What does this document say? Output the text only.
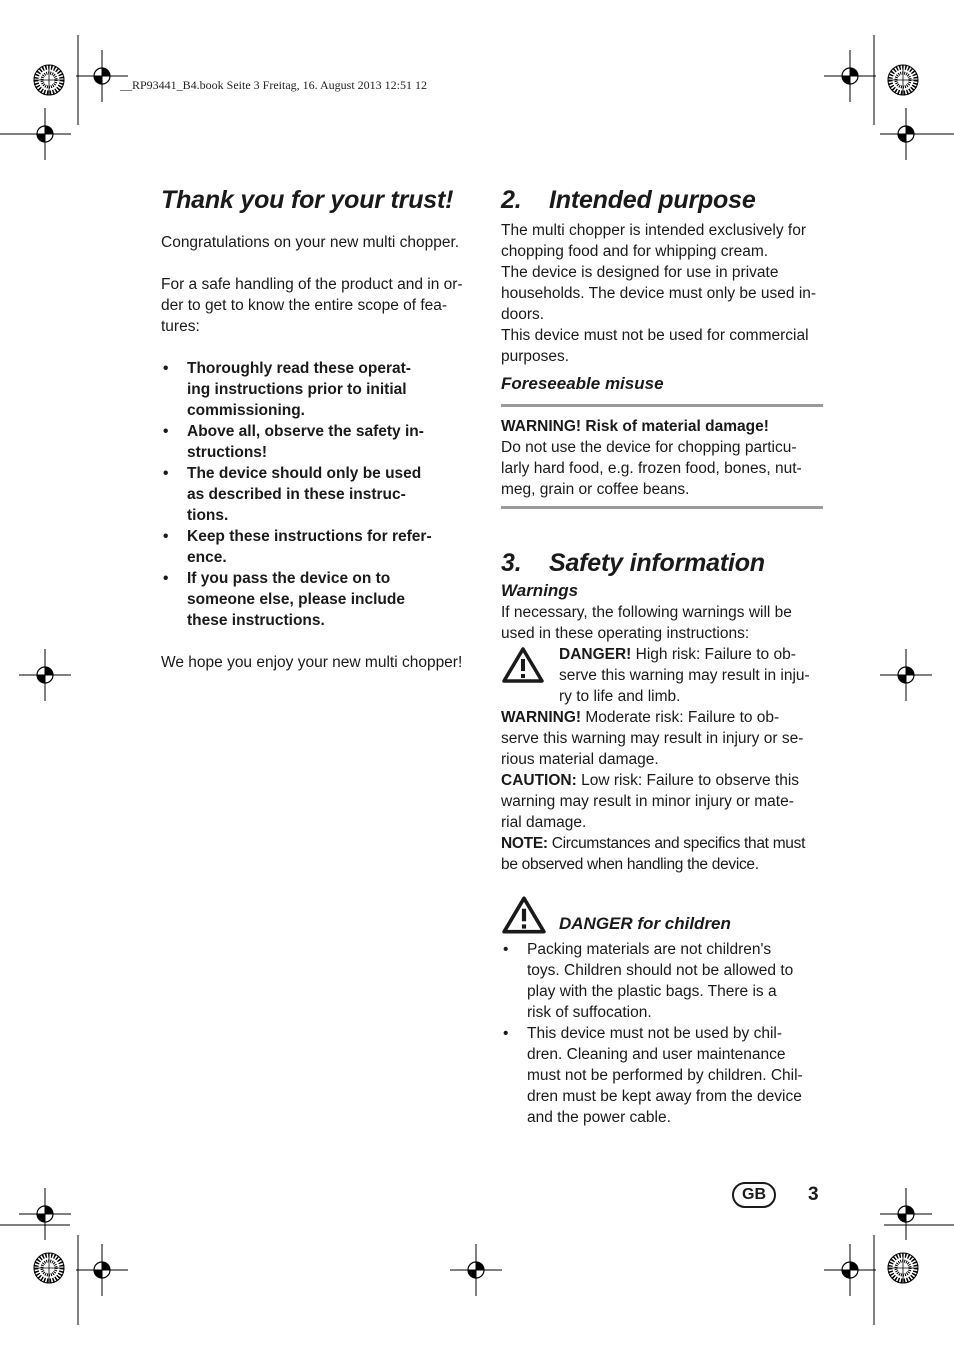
__RP93441_B4.book Seite 3 Freitag, 16. August 2013 12:51 12
Thank you for your trust!

Congratulations on your new multi chopper.

For a safe handling of the product and in or-
der to get to know the entire scope of fea-
tures:

• Thoroughly read these operat-
ing instructions prior to initial
commissioning.
• Above all, observe the safety in-
structions!
• The device should only be used
as described in these instruc-
tions.
• Keep these instructions for refer-
ence.
• If you pass the device on to
someone else, please include
these instructions.

We hope you enjoy your new multi chopper!

2. Intended purpose

The multi chopper is intended exclusively for
chopping food and for whipping cream.
The device is designed for use in private
households. The device must only be used in-
doors.
This device must not be used for commercial
purposes.

Foreseeable misuse

WARNING! Risk of material damage!
Do not use the device for chopping particu-
larly hard food, e.g. frozen food, bones, nut-
meg, grain or coffee beans.

3. Safety information
Warnings

If necessary, the following warnings will be
used in these operating instructions:

DANGER! High risk: Failure to ob-
serve this warning may result in inju-
ry to life and limb.

WARNING! Moderate risk: Failure to ob-
serve this warning may result in injury or se-
rious material damage.

CAUTION: Low risk: Failure to observe this
warning may result in minor injury or mate-
rial damage.

NOTE: Circumstances and specifics that must
be observed when handling the device.

DANGER for children
• Packing materials are not children's
toys. Children should not be allowed to
play with the plastic bags. There is a
risk of suffocation.
• This device must not be used by chil-
dren. Cleaning and user maintenance
must not be performed by children. Chil-
dren must be kept away from the device
and the power cable.
GB	3
